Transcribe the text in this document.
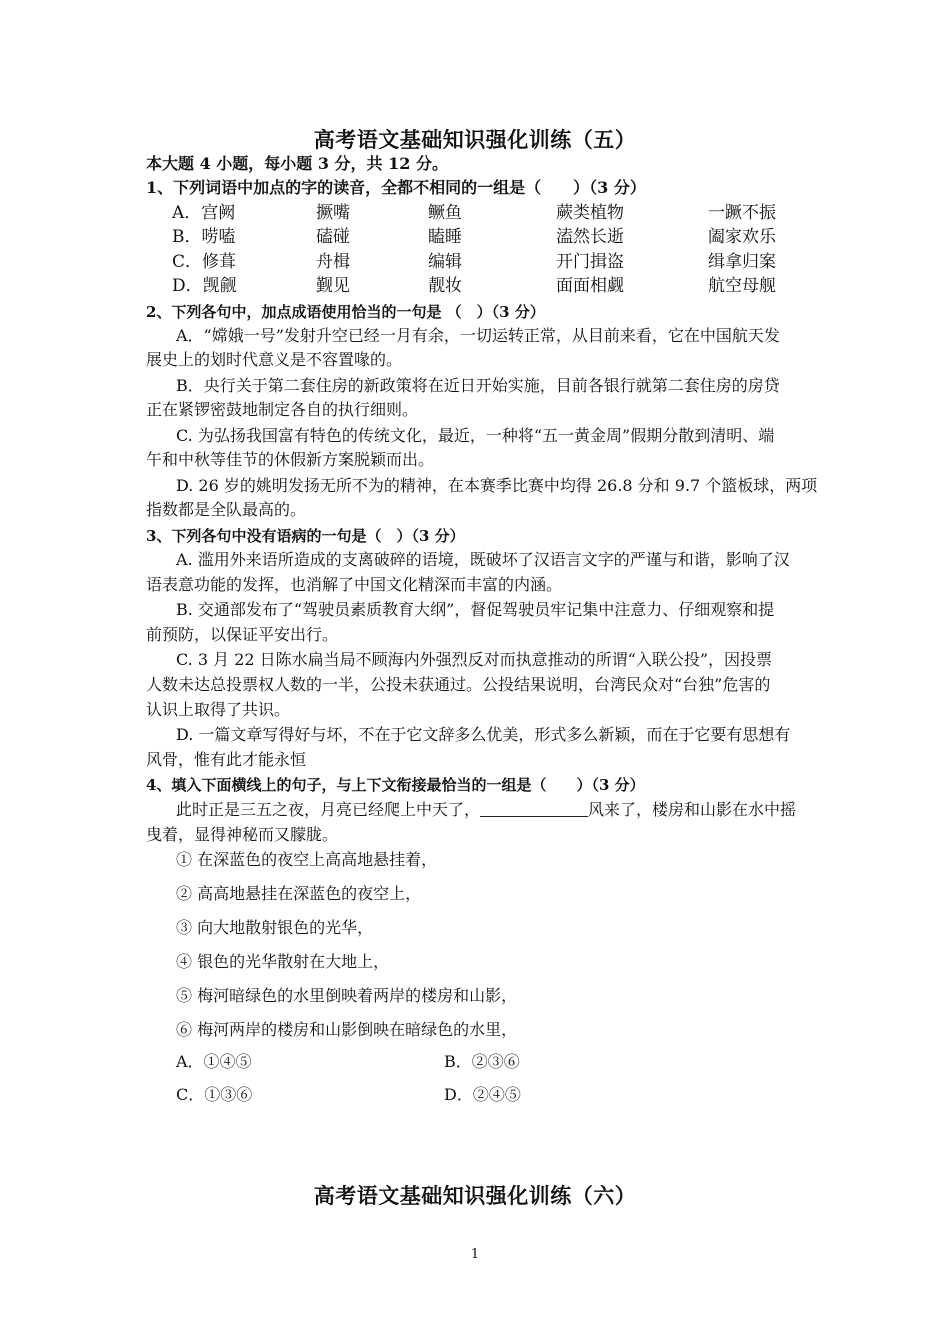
高考语文基础知识强化训练（五）
本大题 4 小题，每小题 3 分，共 12 分。
1、下列词语中加点的字的读音，全都不相同的一组是（　　）（3 分）
A．宫阙	撅嘴	鳜鱼	蕨类植物	一蹶不振
B．唠嗑	磕碰	瞌睡	溘然长逝	阖家欢乐
C．修葺	舟楫	编辑	开门揖盗	缉拿归案
D．觊觎	觐见	靓妆	面面相觑	航空母舰
2、下列各句中，加点成语使用恰当的一句是 （　）（3 分）
A．“嫦娥一号”发射升空已经一月有余，一切运转正常，从目前来看，它在中国航天发
展史上的划时代意义是不容置喙的。
B．央行关于第二套住房的新政策将在近日开始实施，目前各银行就第二套住房的房贷
正在紧锣密鼓地制定各自的执行细则。
C. 为弘扬我国富有特色的传统文化，最近，一种将“五一黄金周”假期分散到清明、端
午和中秋等佳节的休假新方案脱颖而出。
D. 26 岁的姚明发扬无所不为的精神，在本赛季比赛中均得 26.8 分和 9.7 个篮板球，两项
指数都是全队最高的。
3、下列各句中没有语病的一句是（　）（3 分）
A. 滥用外来语所造成的支离破碎的语境，既破坏了汉语言文字的严谨与和谐，影响了汉
语表意功能的发挥，也消解了中国文化精深而丰富的内涵。
B. 交通部发布了“驾驶员素质教育大纲”，督促驾驶员牢记集中注意力、仔细观察和提
前预防，以保证平安出行。
C. 3 月 22 日陈水扁当局不顾海内外强烈反对而执意推动的所谓“入联公投”，因投票
人数未达总投票权人数的一半，公投未获通过。公投结果说明，台湾民众对“台独”危害的
认识上取得了共识。
D. 一篇文章写得好与坏，不在于它文辞多么优美，形式多么新颖，而在于它要有思想有
风骨，惟有此才能永恒
4、填入下面横线上的句子，与上下文衔接最恰当的一组是（　　）（3 分）
此时正是三五之夜，月亮已经爬上中天了，	风来了，楼房和山影在水中摇
曳着，显得神秘而又朦胧。
① 在深蓝色的夜空上高高地悬挂着，
② 高高地悬挂在深蓝色的夜空上，
③ 向大地散射银色的光华，
④ 银色的光华散射在大地上，
⑤ 梅河暗绿色的水里倒映着两岸的楼房和山影，
⑥ 梅河两岸的楼房和山影倒映在暗绿色的水里，
A．①④⑤	B．②③⑥
C．①③⑥	D．②④⑤
高考语文基础知识强化训练（六）
1
